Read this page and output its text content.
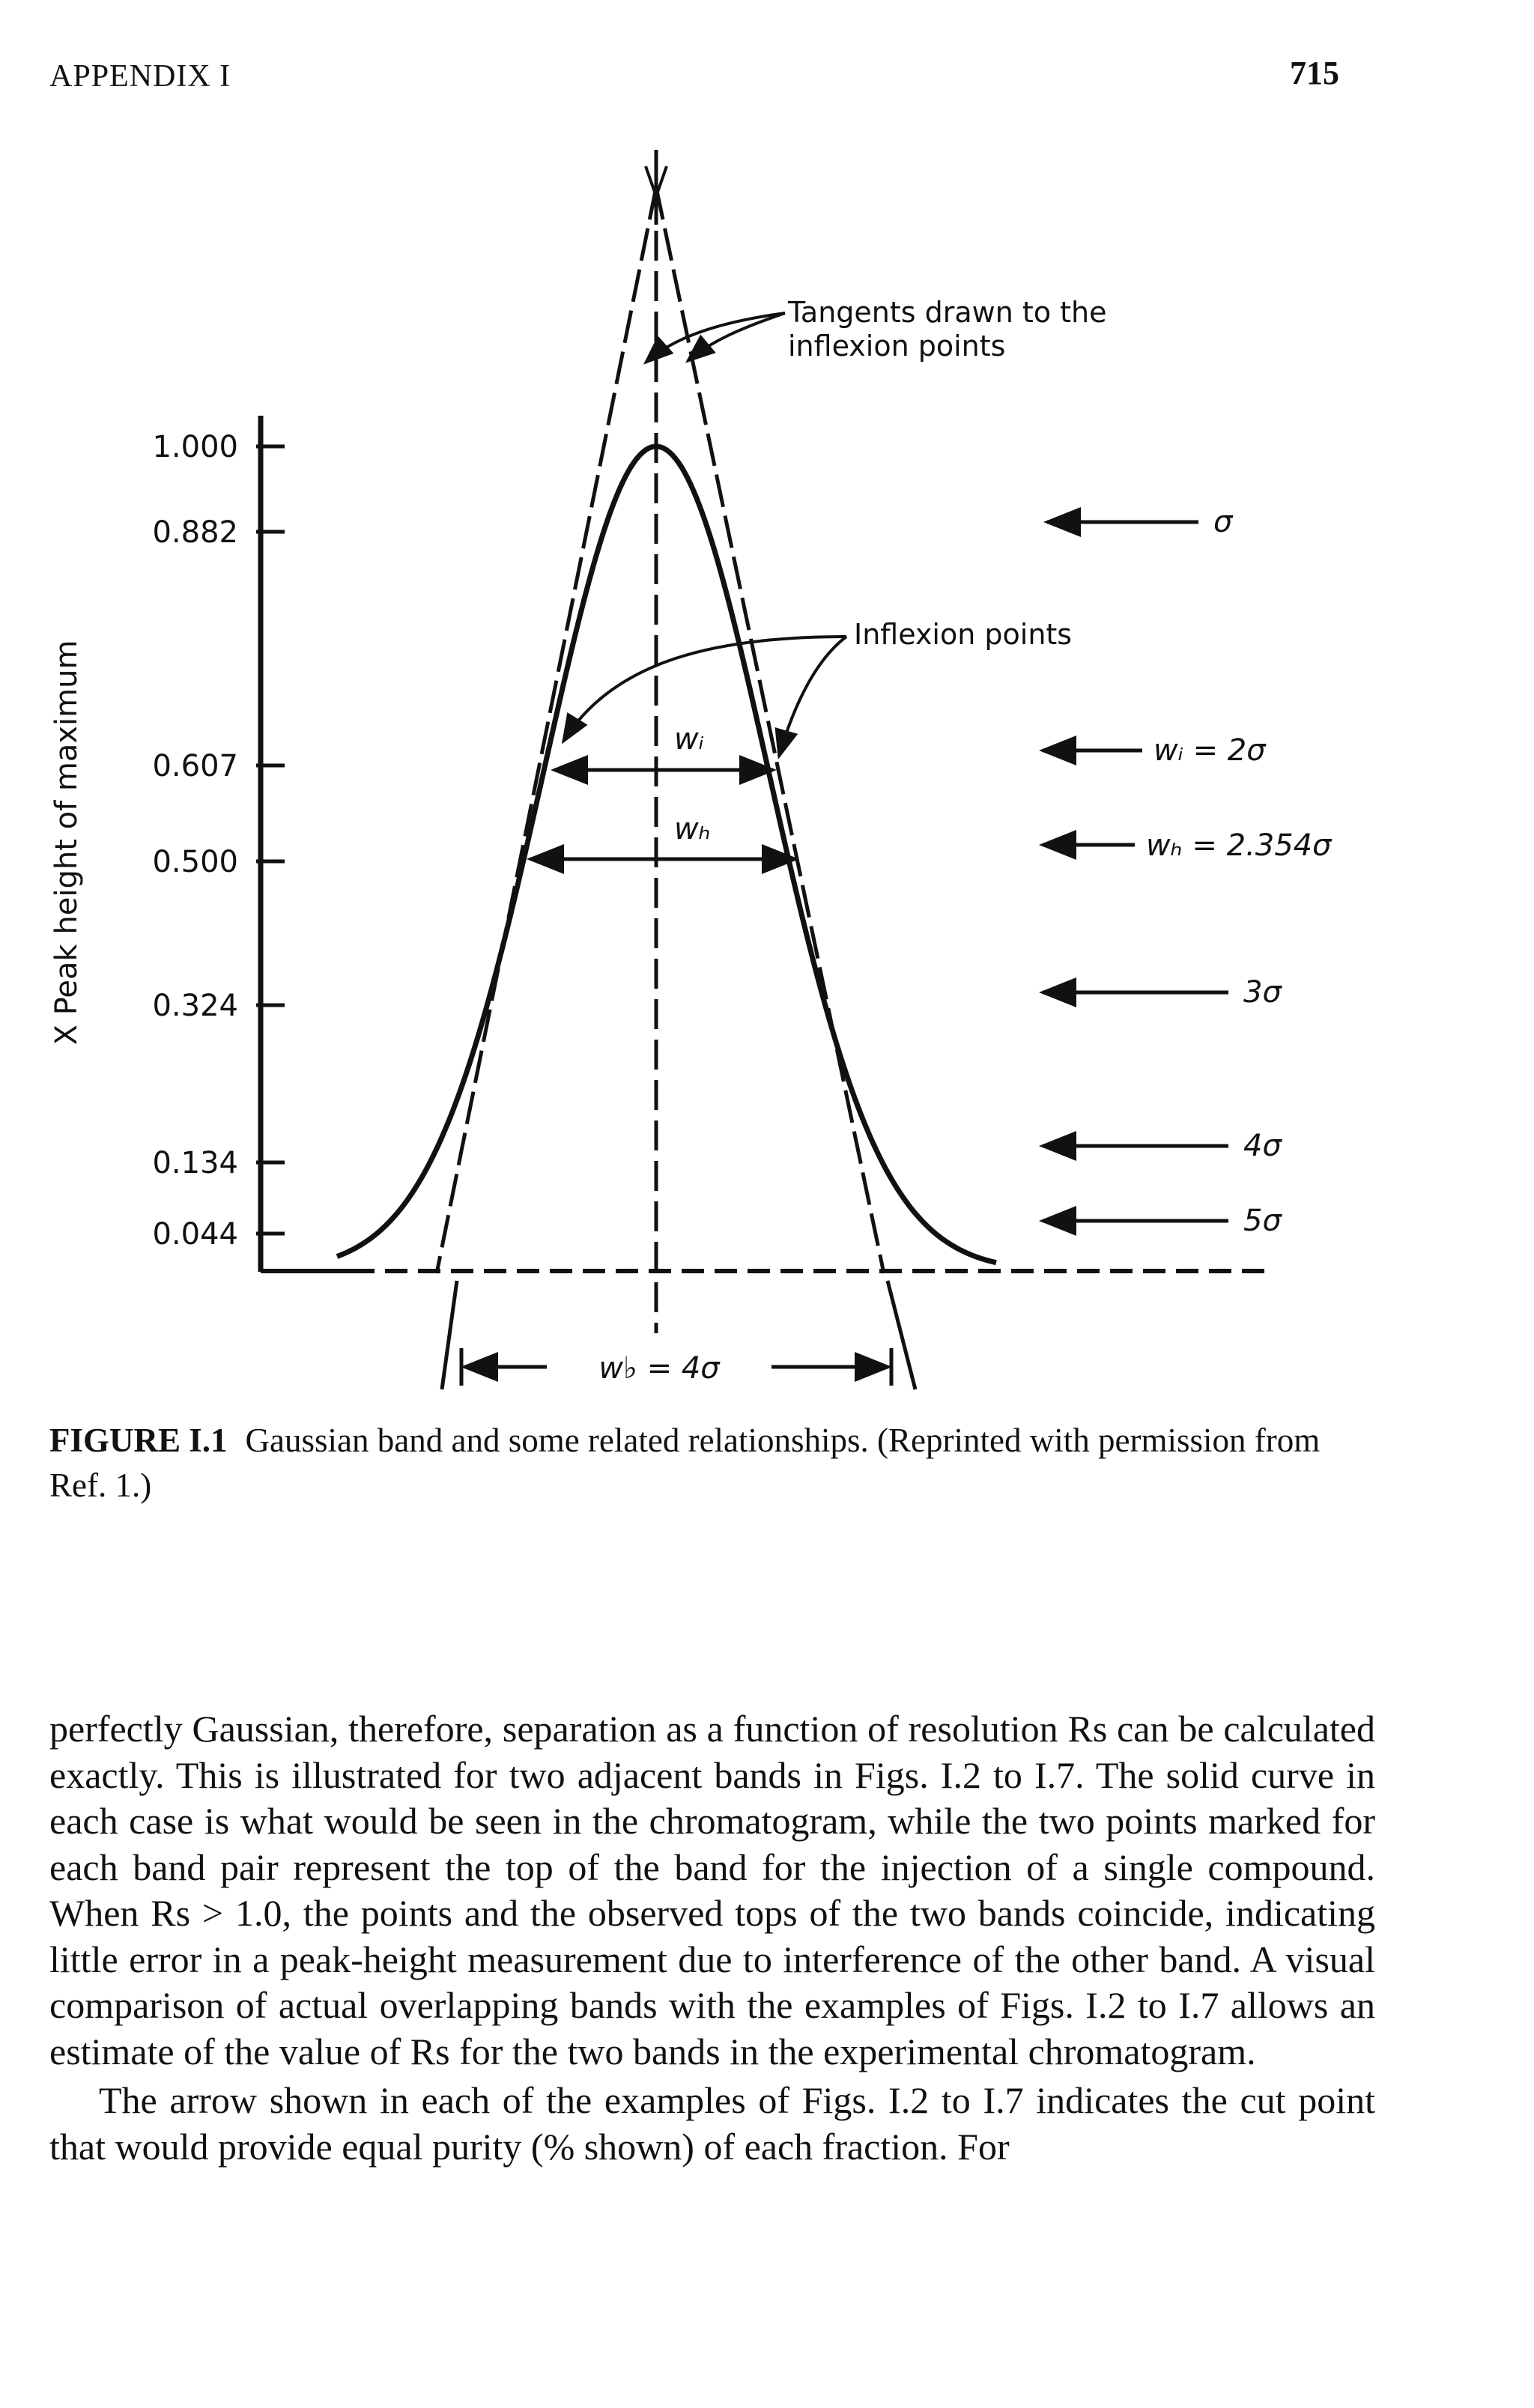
APPENDIX I	715
X Peak height of maximum
1.000
0.882
0.607
0.500
0.324
0.134
0.044
w♭ = 4σ
wᵢ
wₕ
Tangents drawn to the
inflexion points
Inflexion points
σ
wᵢ = 2σ
wₕ = 2.354σ
3σ
4σ
5σ
FIGURE I.1 Gaussian band and some related relationships. (Reprinted with permission from Ref. 1.)

perfectly Gaussian, therefore, separation as a function of resolution Rs can be calculated exactly. This is illustrated for two adjacent bands in Figs. I.2 to I.7. The solid curve in each case is what would be seen in the chromatogram, while the two points marked for each band pair represent the top of the band for the injection of a single compound. When Rs > 1.0, the points and the observed tops of the two bands coincide, indicating little error in a peak-height measurement due to interference of the other band. A visual comparison of actual overlapping bands with the examples of Figs. I.2 to I.7 allows an estimate of the value of Rs for the two bands in the experimental chromatogram.

The arrow shown in each of the examples of Figs. I.2 to I.7 indicates the cut point that would provide equal purity (% shown) of each fraction. For
